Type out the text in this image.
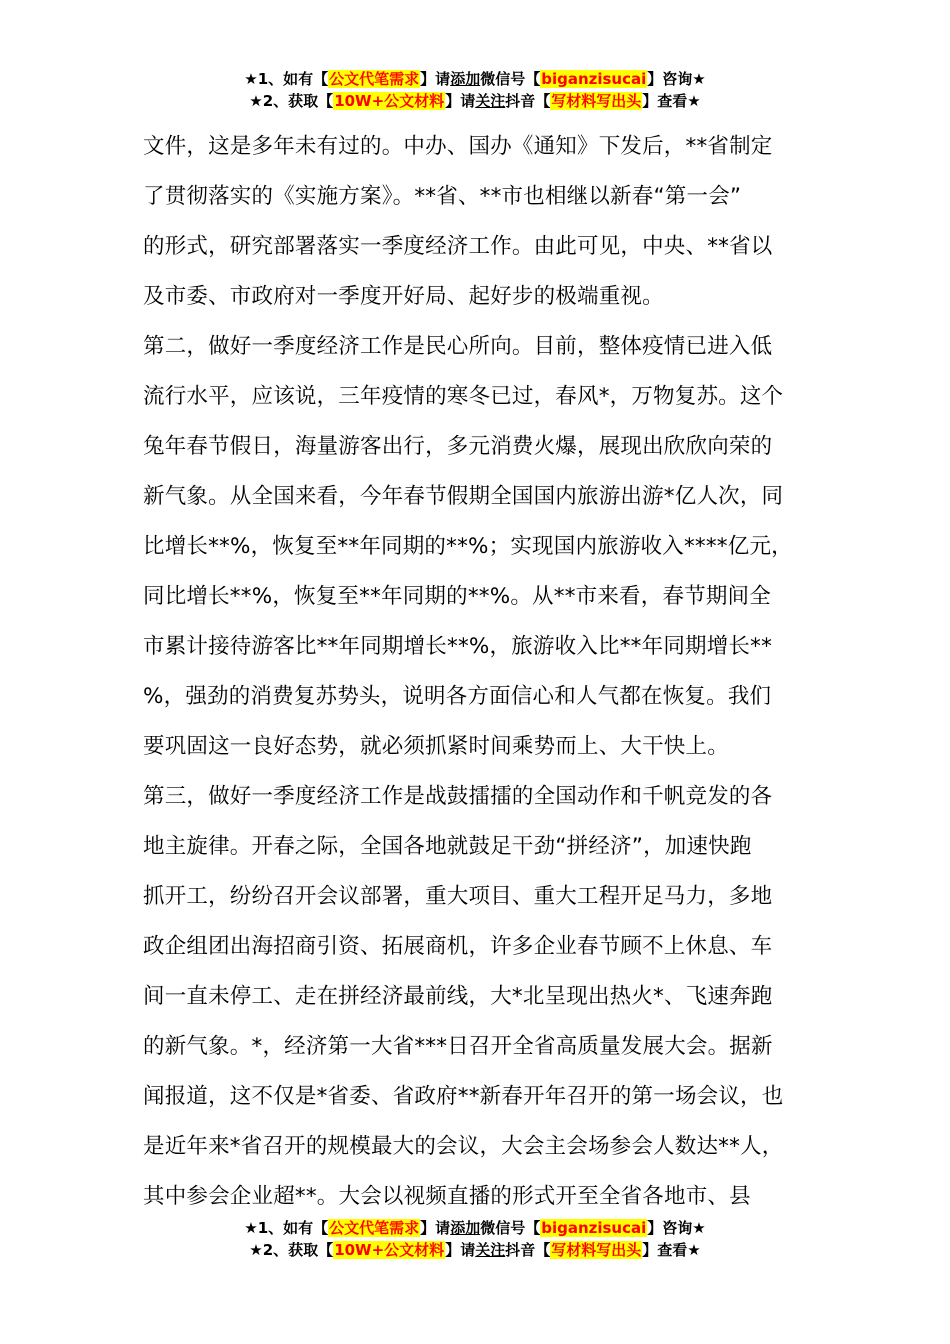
★1、如有【公文代笔需求】请添加微信号【biganzisucai】咨询★
★2、获取【10W+公文材料】请关注抖音【写材料写出头】查看★
文件，这是多年未有过的。中办、国办《通知》下发后，**省制定
了贯彻落实的《实施方案》。**省、**市也相继以新春“第一会”
的形式，研究部署落实一季度经济工作。由此可见，中央、**省以
及市委、市政府对一季度开好局、起好步的极端重视。
第二，做好一季度经济工作是民心所向。目前，整体疫情已进入低
流行水平，应该说，三年疫情的寒冬已过，春风*，万物复苏。这个
兔年春节假日，海量游客出行，多元消费火爆，展现出欣欣向荣的
新气象。从全国来看，今年春节假期全国国内旅游出游*亿人次，同
比增长**%，恢复至**年同期的**%；实现国内旅游收入****亿元，
同比增长**%，恢复至**年同期的**%。从**市来看，春节期间全
市累计接待游客比**年同期增长**%，旅游收入比**年同期增长**
%，强劲的消费复苏势头，说明各方面信心和人气都在恢复。我们
要巩固这一良好态势，就必须抓紧时间乘势而上、大干快上。
第三，做好一季度经济工作是战鼓擂擂的全国动作和千帆竞发的各
地主旋律。开春之际，全国各地就鼓足干劲“拼经济”，加速快跑
抓开工，纷纷召开会议部署，重大项目、重大工程开足马力，多地
政企组团出海招商引资、拓展商机，许多企业春节顾不上休息、车
间一直未停工、走在拼经济最前线，大*北呈现出热火*、飞速奔跑
的新气象。*，经济第一大省***日召开全省高质量发展大会。据新
闻报道，这不仅是*省委、省政府**新春开年召开的第一场会议，也
是近年来*省召开的规模最大的会议，大会主会场参会人数达**人，
其中参会企业超**。大会以视频直播的形式开至全省各地市、县
★1、如有【公文代笔需求】请添加微信号【biganzisucai】咨询★
★2、获取【10W+公文材料】请关注抖音【写材料写出头】查看★
